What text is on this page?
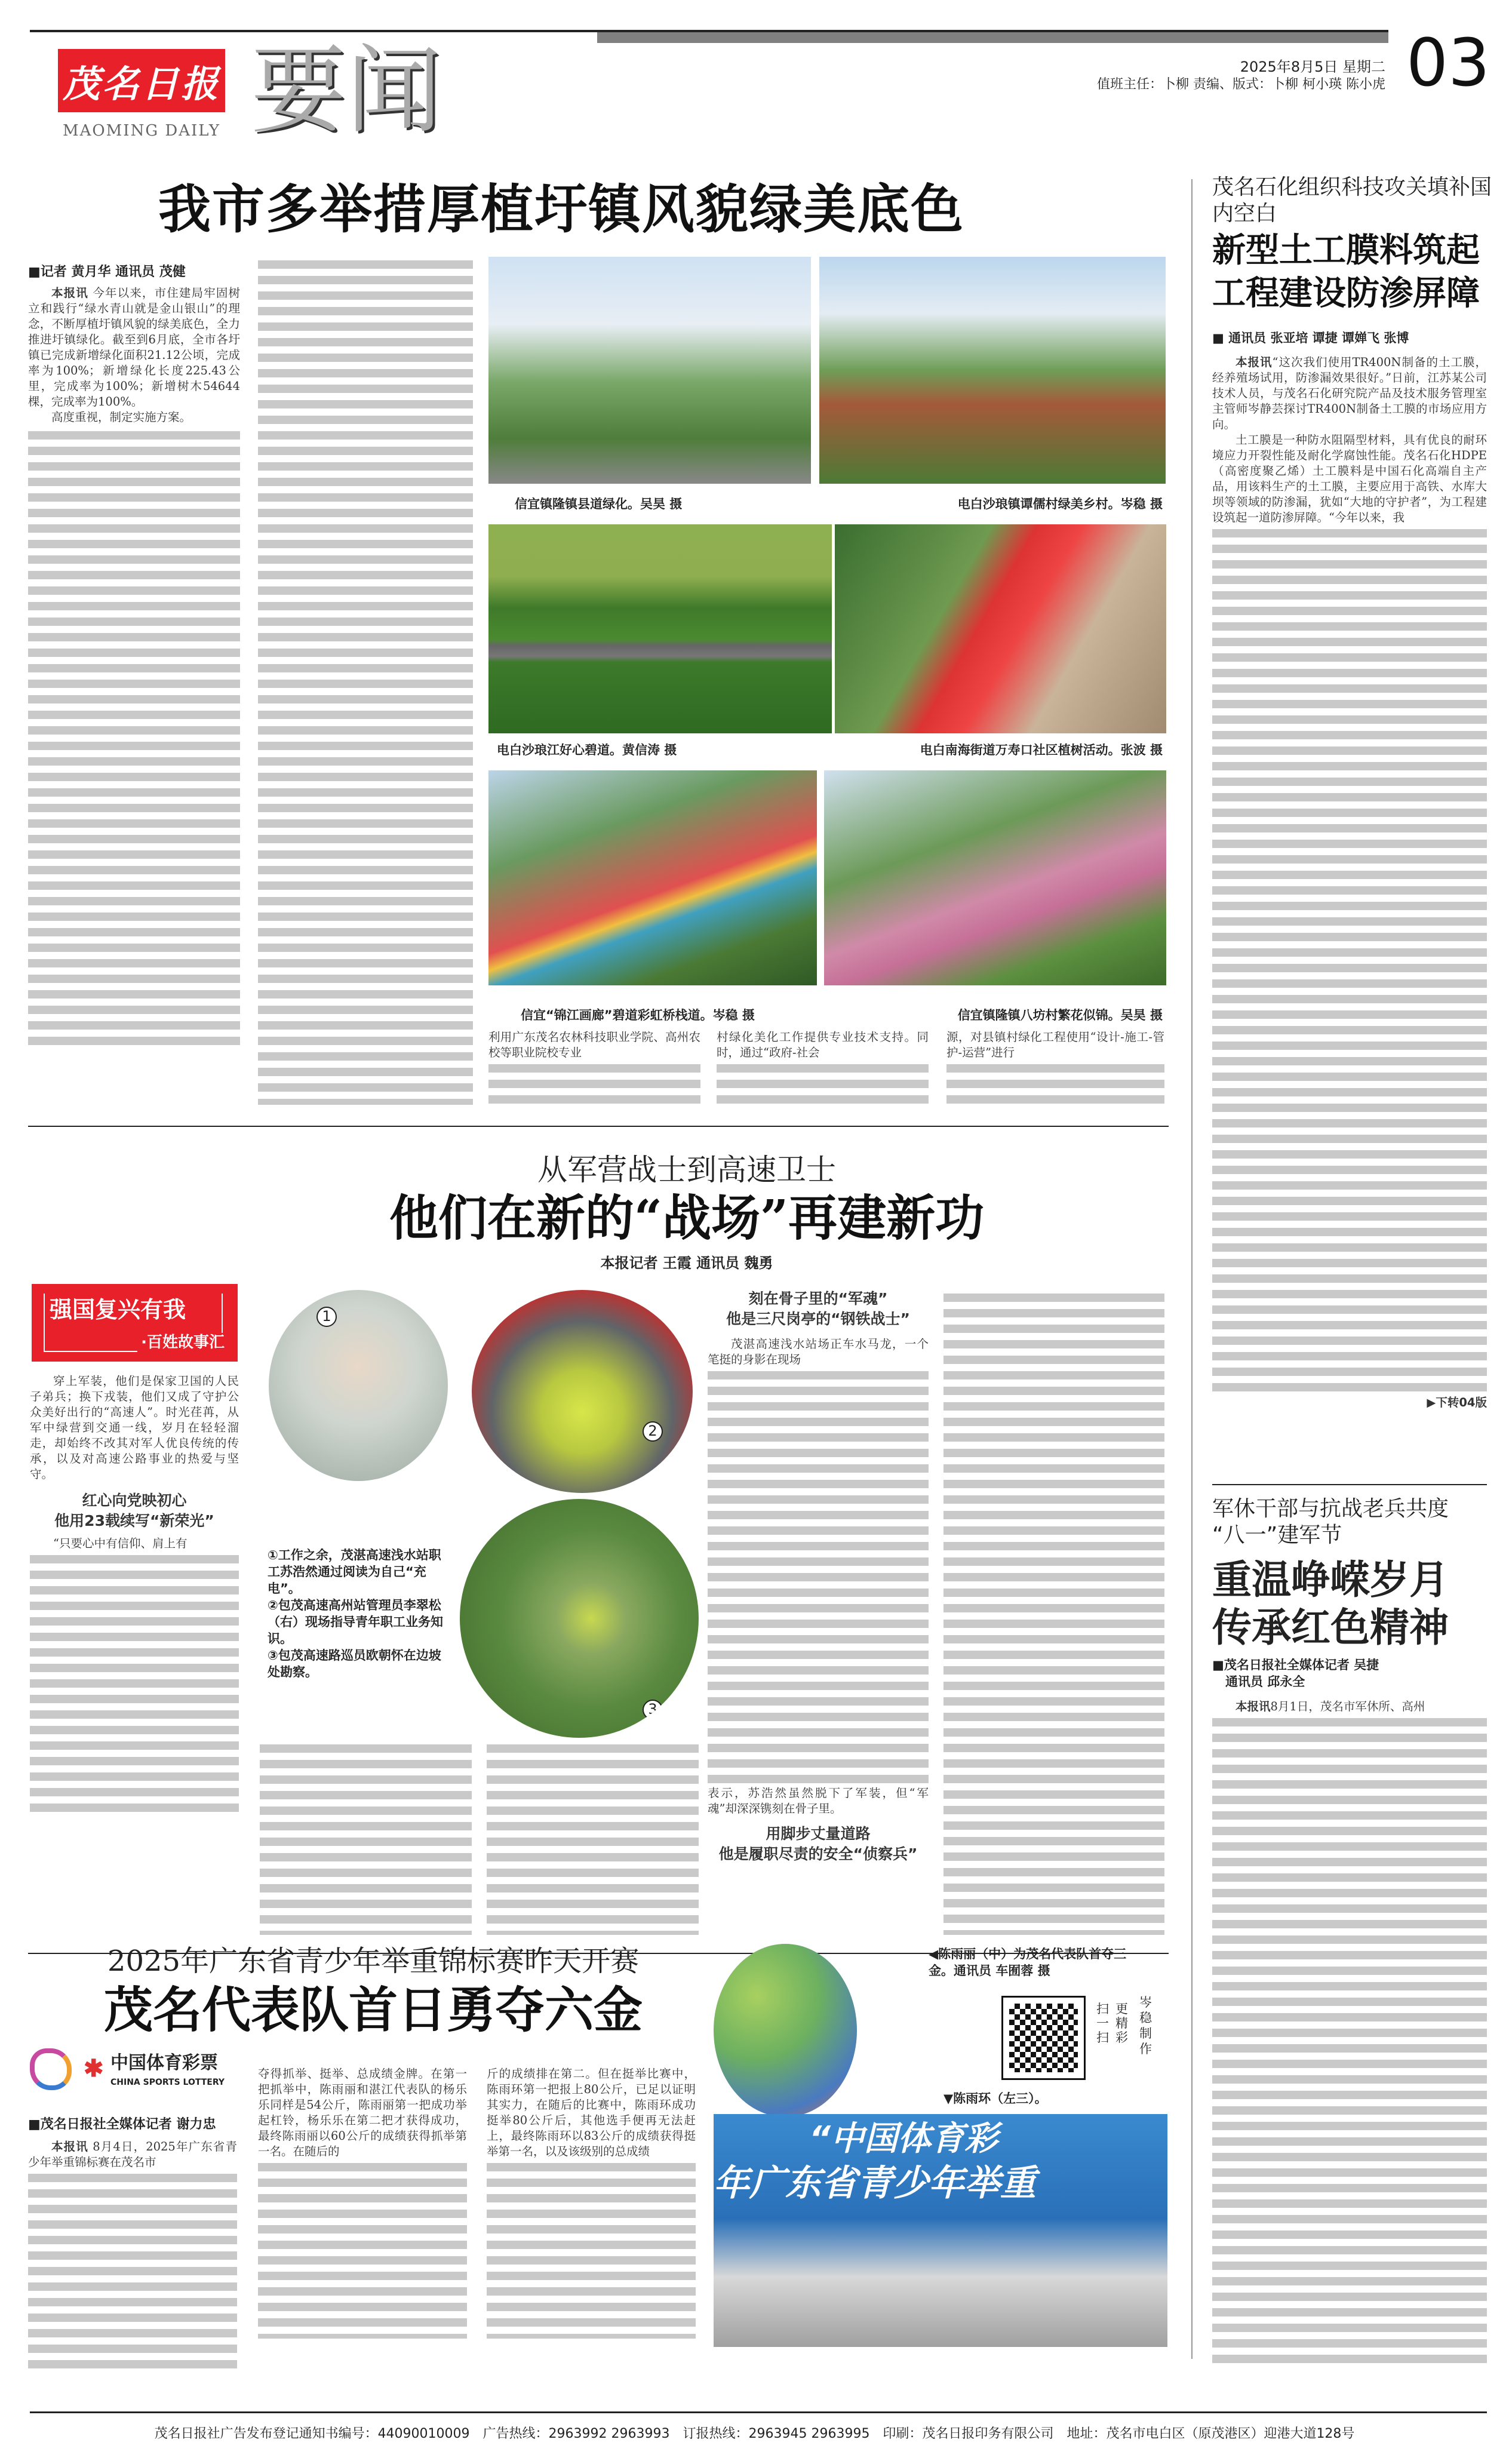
茂名日报
MAOMING DAILY 要闻	2025年8月5日 星期二
值班主任：卜柳 责编、版式：卜柳 柯小瑛 陈小虎 03
我市多举措厚植圩镇风貌绿美底色
■记者 黄月华 通讯员 茂健

本报讯 今年以来，市住建局牢固树立和践行“绿水青山就是金山银山”的理念，不断厚植圩镇风貌的绿美底色，全力推进圩镇绿化。截至到6月底，全市各圩镇已完成新增绿化面积21.12公顷，完成率为100%；新增绿化长度225.43公里，完成率为100%；新增树木54644棵，完成率为100%。

高度重视，制定实施方案。

信宜镇隆镇县道绿化。吴昊 摄	电白沙琅镇谭儒村绿美乡村。岑稳 摄
电白沙琅江好心碧道。黄信涛 摄	电白南海街道万寿口社区植树活动。张波 摄
信宜“锦江画廊”碧道彩虹桥栈道。岑稳 摄	信宜镇隆镇八坊村繁花似锦。吴昊 摄
利用广东茂名农林科技职业学院、高州农校等职业院校专业
村绿化美化工作提供专业技术支持。同时，通过“政府-社会
源，对县镇村绿化工程使用“设计-施工-管护-运营”进行
茂名石化组织科技攻关填补国内空白
新型土工膜料筑起
工程建设防渗屏障
■ 通讯员 张亚培 谭捷 谭婵飞 张博

本报讯“这次我们使用TR400N制备的土工膜，经养殖场试用，防渗漏效果很好。”日前，江苏某公司技术人员，与茂名石化研究院产品及技术服务管理室主管师岑静芸探讨TR400N制备土工膜的市场应用方向。

土工膜是一种防水阻隔型材料，具有优良的耐环境应力开裂性能及耐化学腐蚀性能。茂名石化HDPE（高密度聚乙烯）土工膜料是中国石化高端自主产品，用该料生产的土工膜，主要应用于高铁、水库大坝等领域的防渗漏，犹如“大地的守护者”，为工程建设筑起一道防渗屏障。“今年以来，我

▶下转04版
从军营战士到高速卫士
他们在新的“战场”再建新功
本报记者 王霞 通讯员 魏勇
强国复兴有我
·百姓故事汇

穿上军装，他们是保家卫国的人民子弟兵；换下戎装，他们又成了守护公众美好出行的“高速人”。时光荏苒，从军中绿营到交通一线，岁月在轻轻溜走，却始终不改其对军人优良传统的传承，以及对高速公路事业的热爱与坚守。

红心向党映初心
他用23载续写“新荣光”

“只要心中有信仰、肩上有

1
2
3
①工作之余，茂湛高速浅水站职工苏浩然通过阅读为自己“充电”。
②包茂高速高州站管理员李翠松（右）现场指导青年职工业务知识。
③包茂高速路巡员欧朝怀在边坡处勘察。
刻在骨子里的“军魂”
他是三尺岗亭的“钢铁战士”

茂湛高速浅水站场正车水马龙，一个笔挺的身影在现场

表示，苏浩然虽然脱下了军装，但“军魂”却深深镌刻在骨子里。

用脚步丈量道路
他是履职尽责的安全“侦察兵”
2025年广东省青少年举重锦标赛昨天开赛
茂名代表队首日勇夺六金
✱ 中国体育彩票
CHINA SPORTS LOTTERY
■茂名日报社全媒体记者 谢力忠

本报讯 8月4日，2025年广东省青少年举重锦标赛在茂名市

夺得抓举、挺举、总成绩金牌。在第一把抓举中，陈雨丽和湛江代表队的杨乐乐同样是54公斤，陈雨丽第一把成功举起杠铃，杨乐乐在第二把才获得成功，最终陈雨丽以60公斤的成绩获得抓举第一名。在随后的
斤的成绩排在第二。但在挺举比赛中，陈雨环第一把报上80公斤，已足以证明其实力，在随后的比赛中，陈雨环成功挺举80公斤后，其他选手便再无法赶上，最终陈雨环以83公斤的成绩获得挺举第一名，以及该级别的总成绩
◀陈雨丽（中）为茂名代表队首夺三金。通讯员 车囿蓉 摄
扫一扫
更精彩
岑稳制作
▼陈雨环（左三）。
“中国体育彩
年广东省青少年举重
军休干部与抗战老兵共度
“八一”建军节
重温峥嵘岁月
传承红色精神
■茂名日报社全媒体记者 吴捷
通讯员 邱永全

本报讯8月1日，茂名市军休所、高州

茂名日报社广告发布登记通知书编号：44090010009　广告热线：2963992 2963993　订报热线：2963945 2963995　印刷：茂名日报印务有限公司　地址：茂名市电白区（原茂港区）迎港大道128号
